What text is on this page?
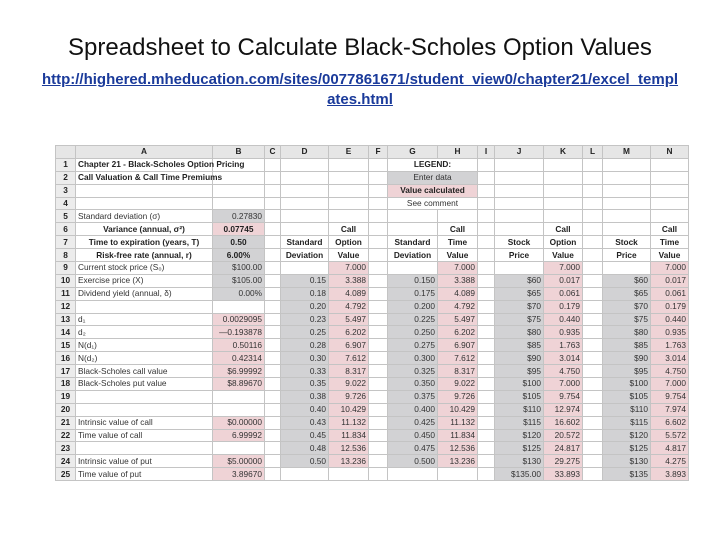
Spreadsheet to Calculate Black-Scholes Option Values
http://highered.mheducation.com/sites/0077861671/student_view0/chapter21/excel_templates.html
	A	B	C	D	E	F	G	H	I	J	K	L	M	N
1	Chapter 21 - Black-Scholes Option Pricing						LEGEND:							
2	Call Valuation & Call Time Premiums						Enter data							
3							Value calculated							
4							See comment							
5	Standard deviation (σ)	0.27830												
6	Variance (annual, σ²)	0.07745			Call			Call			Call			Call
7	Time to expiration (years, T)	0.50		Standard	Option		Standard	Time		Stock	Option		Stock	Time
8	Risk-free rate (annual, r)	6.00%		Deviation	Value		Deviation	Value		Price	Value		Price	Value
9	Current stock price (S₀)	$100.00			7.000			7.000			7.000			7.000
10	Exercise price (X)	$105.00		0.15	3.388		0.150	3.388		$60	0.017		$60	0.017
11	Dividend yield (annual, δ)	0.00%		0.18	4.089		0.175	4.089		$65	0.061		$65	0.061
12				0.20	4.792		0.200	4.792		$70	0.179		$70	0.179
13	d₁	0.0029095		0.23	5.497		0.225	5.497		$75	0.440		$75	0.440
14	d₂	—0.193878		0.25	6.202		0.250	6.202		$80	0.935		$80	0.935
15	N(d₁)	0.50116		0.28	6.907		0.275	6.907		$85	1.763		$85	1.763
16	N(d₂)	0.42314		0.30	7.612		0.300	7.612		$90	3.014		$90	3.014
17	Black-Scholes call value	$6.99992		0.33	8.317		0.325	8.317		$95	4.750		$95	4.750
18	Black-Scholes put value	$8.89670		0.35	9.022		0.350	9.022		$100	7.000		$100	7.000
19				0.38	9.726		0.375	9.726		$105	9.754		$105	9.754
20				0.40	10.429		0.400	10.429		$110	12.974		$110	7.974
21	Intrinsic value of call	$0.00000		0.43	11.132		0.425	11.132		$115	16.602		$115	6.602
22	Time value of call	6.99992		0.45	11.834		0.450	11.834		$120	20.572		$120	5.572
23				0.48	12.536		0.475	12.536		$125	24.817		$125	4.817
24	Intrinsic value of put	$5.00000		0.50	13.236		0.500	13.236		$130	29.275		$130	4.275
25	Time value of put	3.89670								$135.00	33.893		$135	3.893
